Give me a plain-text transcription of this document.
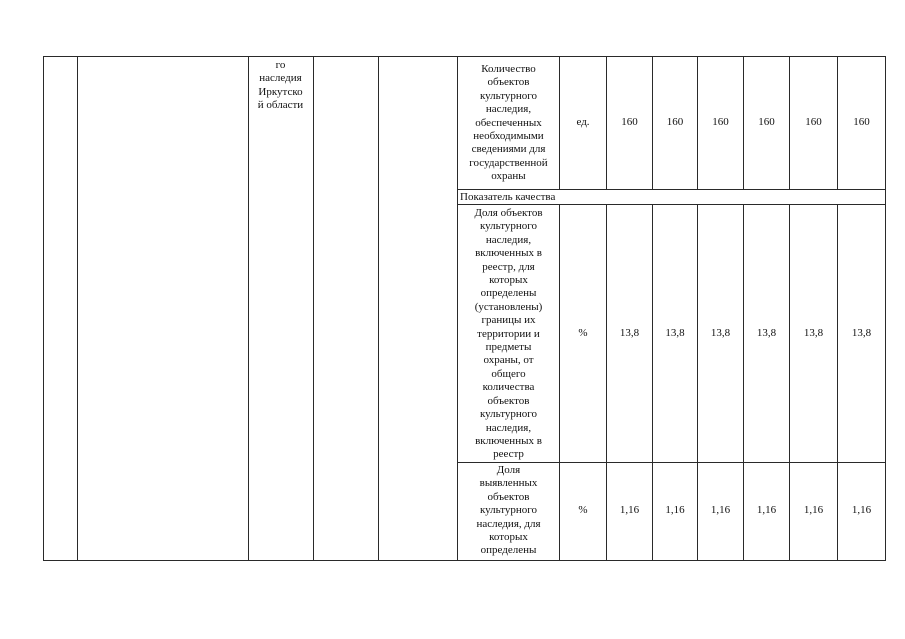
го
наследия
Иркутско
й области
Количество
объектов
культурного
наследия,
обеспеченных
необходимыми
сведениями для
государственной
охраны
ед.	160	160	160	160	160	160
Показатель качества
Доля объектов
культурного
наследия,
включенных в
реестр, для
которых
определены
(установлены)
границы их
территории и
предметы
охраны, от
общего
количества
объектов
культурного
наследия,
включенных в
реестр
%	13,8	13,8	13,8	13,8	13,8	13,8
Доля
выявленных
объектов
культурного
наследия, для
которых
определены
%	1,16	1,16	1,16	1,16	1,16	1,16
